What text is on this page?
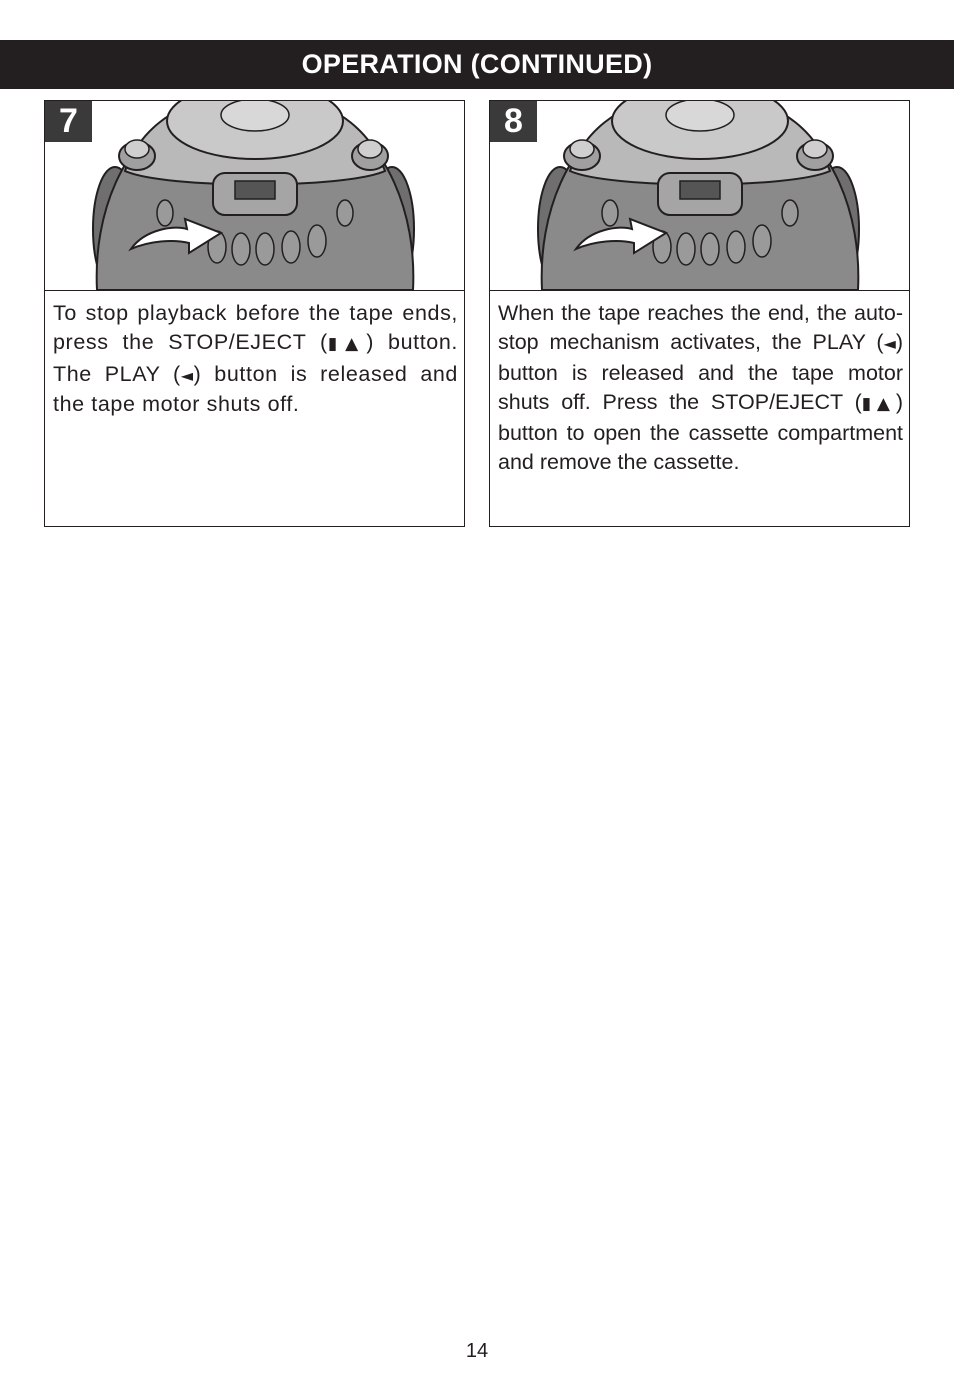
OPERATION (CONTINUED)
7

To stop playback before the tape ends, press the STOP/EJECT (▮▲) button. The PLAY (◄) button is released and the tape motor shuts off.

8

When the tape reaches the end, the auto-stop mechanism activates, the PLAY (◄) button is released and the tape motor shuts off. Press the STOP/EJECT (▮▲) button to open the cassette compartment and remove the cassette.

14
